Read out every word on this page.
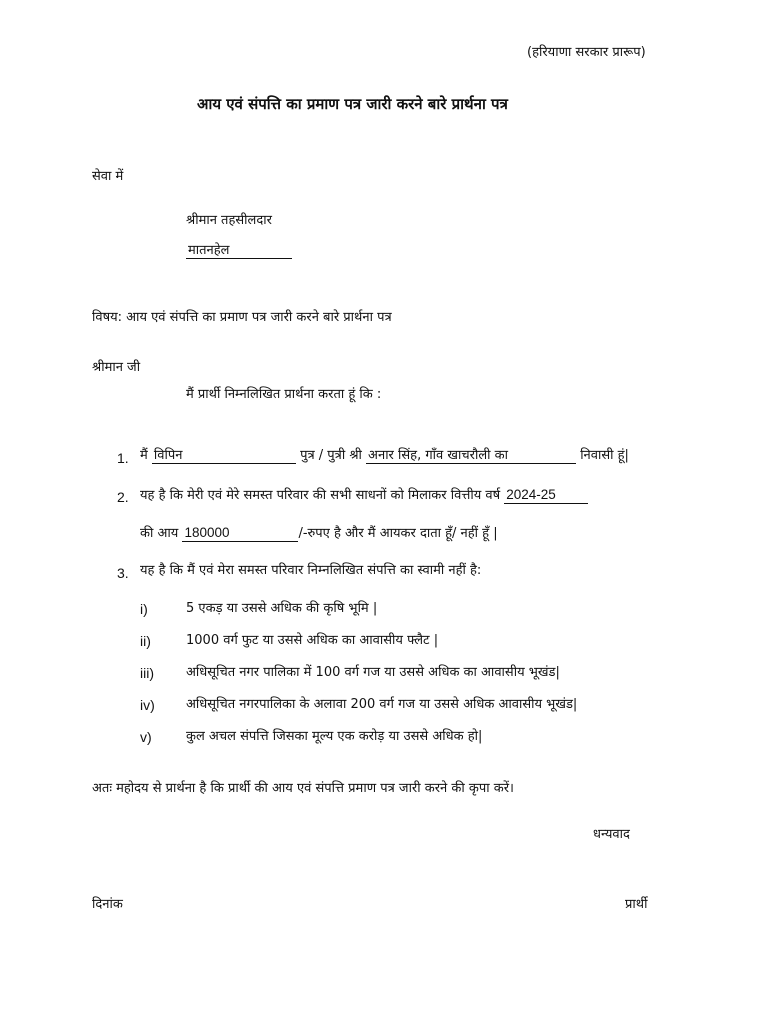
(हरियाणा सरकार प्रारूप)
आय एवं संपत्ति का प्रमाण पत्र जारी करने बारे प्रार्थना पत्र
सेवा में
श्रीमान तहसीलदार
मातनहेल
विषय: आय एवं संपत्ति का प्रमाण पत्र जारी करने बारे प्रार्थना पत्र
श्रीमान जी
मैं प्रार्थी निम्नलिखित प्रार्थना करता हूं कि :
1. मैं विपिन	पुत्र / पुत्री श्री अनार सिंह, गाँव खाचरौली का	निवासी हूं|
2. यह है कि मेरी एवं मेरे समस्त परिवार की सभी साधनों को मिलाकर वित्तीय वर्ष 2024-25
की आय 180000	/-रुपए है और मैं आयकर दाता हूँ/ नहीं हूँ |
3. यह है कि मैं एवं मेरा समस्त परिवार निम्नलिखित संपत्ति का स्वामी नहीं है:
i)	5 एकड़ या उससे अधिक की कृषि भूमि |
ii)	1000 वर्ग फुट या उससे अधिक का आवासीय फ्लैट |
iii) अधिसूचित नगर पालिका में 100 वर्ग गज या उससे अधिक का आवासीय भूखंड|
iv) अधिसूचित नगरपालिका के अलावा 200 वर्ग गज या उससे अधिक आवासीय भूखंड|
v)	कुल अचल संपत्ति जिसका मूल्य एक करोड़ या उससे अधिक हो|
अतः महोदय से प्रार्थना है कि प्रार्थी की आय एवं संपत्ति प्रमाण पत्र जारी करने की कृपा करें।
धन्यवाद
दिनांक	प्रार्थी
